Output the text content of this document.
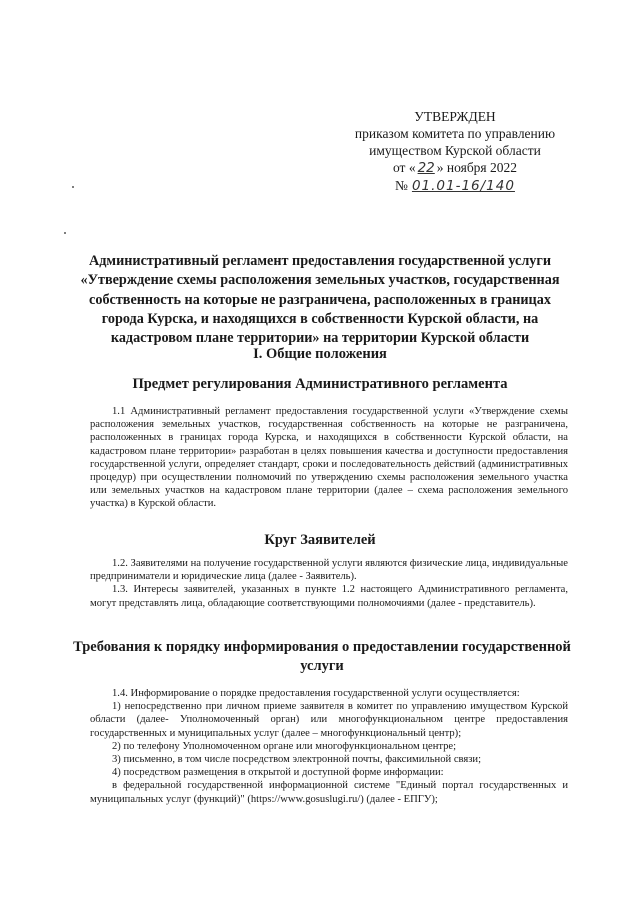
УТВЕРЖДЕН
приказом комитета по управлению
имуществом Курской области
от « 22 » ноября 2022
№ 01.01-16/140
Административный регламент предоставления государственной услуги «Утверждение схемы расположения земельных участков, государственная собственность на которые не разграничена, расположенных в границах города Курска, и находящихся в собственности Курской области, на кадастровом плане территории» на территории Курской области
I. Общие положения
Предмет регулирования Административного регламента

1.1 Административный регламент предоставления государственной услуги «Утверждение схемы расположения земельных участков, государственная собственность на которые не разграничена, расположенных в границах города Курска, и находящихся в собственности Курской области, на кадастровом плане территории» разработан в целях повышения качества и доступности предоставления государственной услуги, определяет стандарт, сроки и последовательность действий (административных процедур) при осуществлении полномочий по утверждению схемы расположения земельного участка или земельных участков на кадастровом плане территории (далее – схема расположения земельного участка) в Курской области.

Круг Заявителей

1.2. Заявителями на получение государственной услуги являются физические лица, индивидуальные предприниматели и юридические лица (далее - Заявитель).

1.3. Интересы заявителей, указанных в пункте 1.2 настоящего Административного регламента, могут представлять лица, обладающие соответствующими полномочиями (далее - представитель).

Требования к порядку информирования о предоставлении государственной услуги

1.4. Информирование о порядке предоставления государственной услуги осуществляется:

1) непосредственно при личном приеме заявителя в комитет по управлению имуществом Курской области (далее- Уполномоченный орган) или многофункциональном центре предоставления государственных и муниципальных услуг (далее – многофункциональный центр);

2) по телефону Уполномоченном органе или многофункциональном центре;

3) письменно, в том числе посредством электронной почты, факсимильной связи;

4) посредством размещения в открытой и доступной форме информации:

в федеральной государственной информационной системе "Единый портал государственных и муниципальных услуг (функций)" (https://www.gosuslugi.ru/) (далее - ЕПГУ);
